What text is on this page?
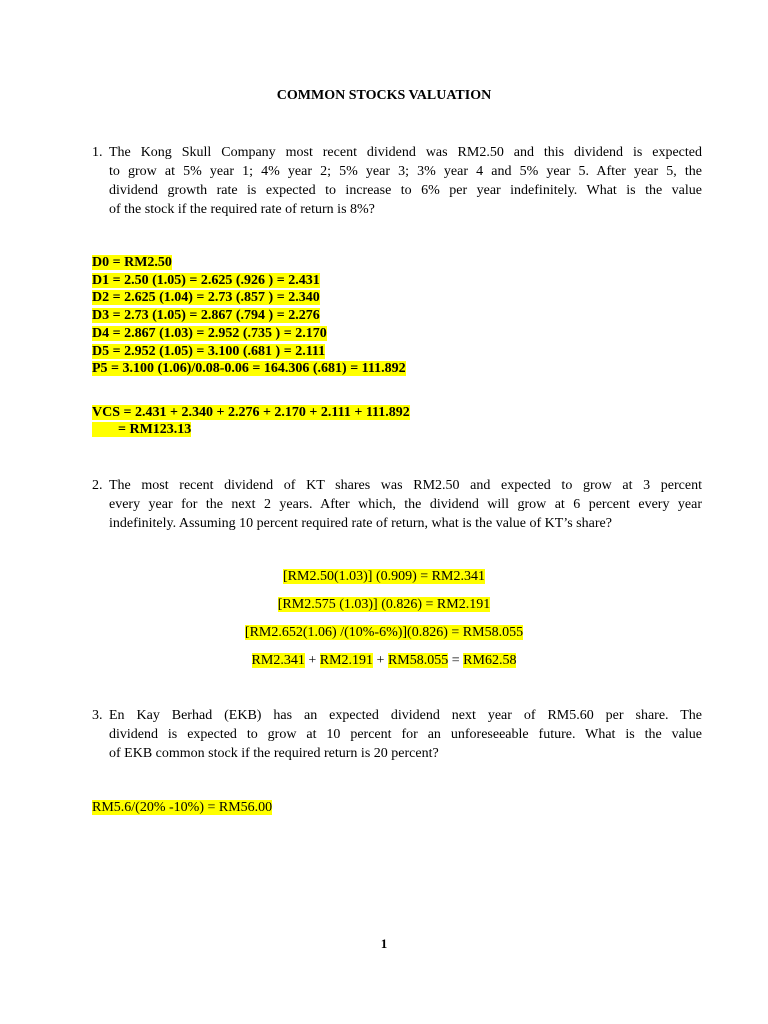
COMMON STOCKS VALUATION
1. The Kong Skull Company most recent dividend was RM2.50 and this dividend is expected
to grow at 5% year 1; 4% year 2; 5% year 3; 3% year 4 and 5% year 5. After year 5, the
dividend growth rate is expected to increase to 6% per year indefinitely. What is the value
of the stock if the required rate of return is 8%?
D0 = RM2.50
D1 = 2.50 (1.05) = 2.625 (.926 ) = 2.431
D2 = 2.625 (1.04) = 2.73 (.857 ) = 2.340
D3 = 2.73 (1.05) = 2.867 (.794 ) = 2.276
D4 = 2.867 (1.03) = 2.952 (.735 ) = 2.170
D5 = 2.952 (1.05) = 3.100 (.681 ) = 2.111
P5 = 3.100 (1.06)/0.08-0.06 = 164.306 (.681) = 111.892
VCS = 2.431 + 2.340 + 2.276 + 2.170 + 2.111 + 111.892
= RM123.13
2. The most recent dividend of KT shares was RM2.50 and expected to grow at 3 percent
every year for the next 2 years. After which, the dividend will grow at 6 percent every year
indefinitely. Assuming 10 percent required rate of return, what is the value of KT’s share?
[RM2.50(1.03)] (0.909) = RM2.341
[RM2.575 (1.03)] (0.826) = RM2.191
[RM2.652(1.06) /(10%-6%)](0.826) = RM58.055
RM2.341 + RM2.191 + RM58.055 = RM62.58
3. En Kay Berhad (EKB) has an expected dividend next year of RM5.60 per share. The
dividend is expected to grow at 10 percent for an unforeseeable future. What is the value
of EKB common stock if the required return is 20 percent?
RM5.6/(20% -10%) = RM56.00
1
